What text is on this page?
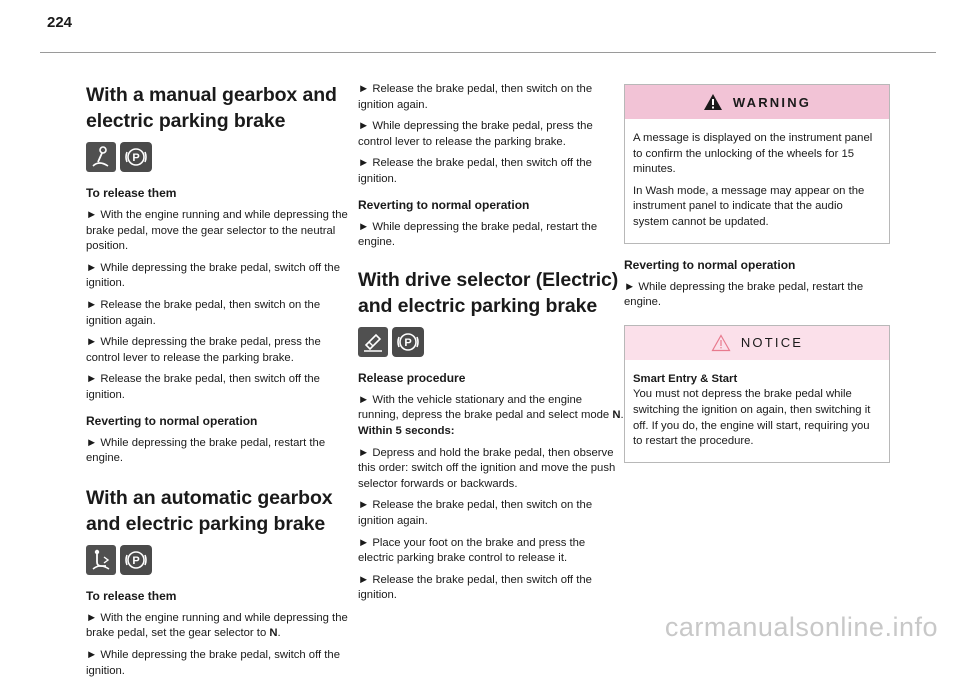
224
With a manual gearbox and
electric parking brake
P
To release them

► With the engine running and while depressing the brake pedal, move the gear selector to the neutral position.

► While depressing the brake pedal, switch off the ignition.

► Release the brake pedal, then switch on the ignition again.

► While depressing the brake pedal, press the control lever to release the parking brake.

► Release the brake pedal, then switch off the ignition.

Reverting to normal operation

► While depressing the brake pedal, restart the engine.

With an automatic gearbox
and electric parking brake
P
To release them

► With the engine running and while depressing the brake pedal, set the gear selector to N.

► While depressing the brake pedal, switch off the ignition.

► Release the brake pedal, then switch on the ignition again.

► While depressing the brake pedal, press the control lever to release the parking brake.

► Release the brake pedal, then switch off the ignition.

Reverting to normal operation

► While depressing the brake pedal, restart the engine.

With drive selector (Electric)
and electric parking brake
P
Release procedure

► With the vehicle stationary and the engine running, depress the brake pedal and select mode N.
Within 5 seconds:

► Depress and hold the brake pedal, then observe this order: switch off the ignition and move the push selector forwards or backwards.

► Release the brake pedal, then switch on the ignition again.

► Place your foot on the brake and press the electric parking brake control to release it.

► Release the brake pedal, then switch off the ignition.

WARNING

A message is displayed on the instrument panel to confirm the unlocking of the wheels for 15 minutes.

In Wash mode, a message may appear on the instrument panel to indicate that the audio system cannot be updated.

Reverting to normal operation

► While depressing the brake pedal, restart the engine.

NOTICE

Smart Entry & Start
You must not depress the brake pedal while switching the ignition on again, then switching it off. If you do, the engine will start, requiring you to restart the procedure.

carmanualsonline.info
